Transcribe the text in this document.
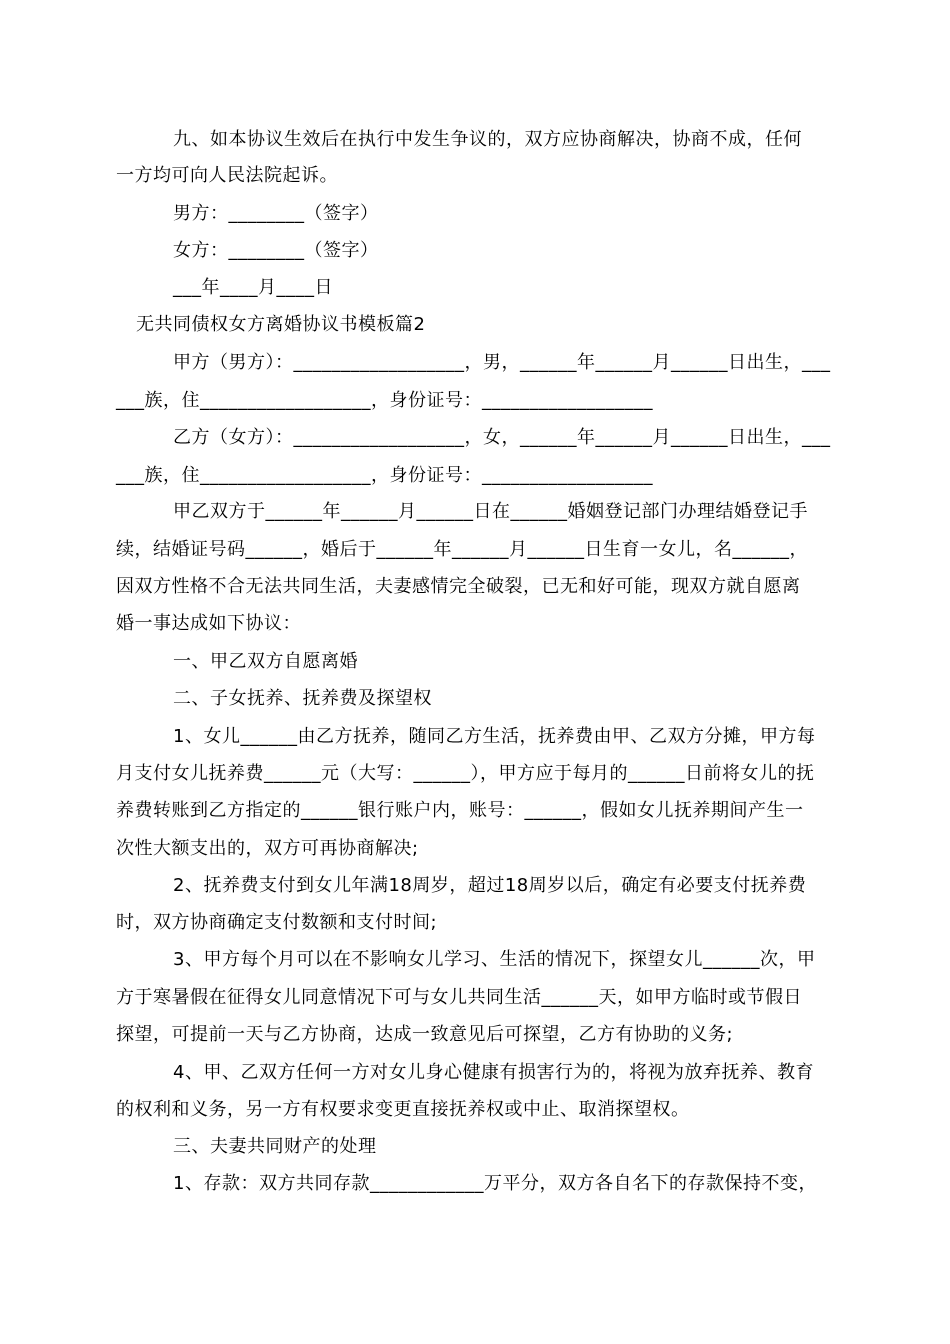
九、如本协议生效后在执行中发生争议的，双方应协商解决，协商不成，任何
一方均可向人民法院起诉。
男方：________（签字）
女方：________（签字）
___年____月____日
无共同债权女方离婚协议书模板篇2
甲方（男方）：__________________，男，______年______月______日出生，___
___族，住__________________，身份证号：__________________
乙方（女方）：__________________，女，______年______月______日出生，___
___族，住__________________，身份证号：__________________
甲乙双方于______年______月______日在______婚姻登记部门办理结婚登记手
续，结婚证号码______，婚后于______年______月______日生育一女儿，名______，
因双方性格不合无法共同生活，夫妻感情完全破裂，已无和好可能，现双方就自愿离
婚一事达成如下协议：
一、甲乙双方自愿离婚
二、子女抚养、抚养费及探望权
1、女儿______由乙方抚养，随同乙方生活，抚养费由甲、乙双方分摊，甲方每
月支付女儿抚养费______元（大写：______），甲方应于每月的______日前将女儿的抚
养费转账到乙方指定的______银行账户内，账号：______，假如女儿抚养期间产生一
次性大额支出的，双方可再协商解决;
2、抚养费支付到女儿年满18周岁，超过18周岁以后，确定有必要支付抚养费
时，双方协商确定支付数额和支付时间;
3、甲方每个月可以在不影响女儿学习、生活的情况下，探望女儿______次，甲
方于寒暑假在征得女儿同意情况下可与女儿共同生活______天，如甲方临时或节假日
探望，可提前一天与乙方协商，达成一致意见后可探望，乙方有协助的义务;
4、甲、乙双方任何一方对女儿身心健康有损害行为的，将视为放弃抚养、教育
的权利和义务，另一方有权要求变更直接抚养权或中止、取消探望权。
三、夫妻共同财产的处理
1、存款：双方共同存款____________万平分，双方各自名下的存款保持不变，
